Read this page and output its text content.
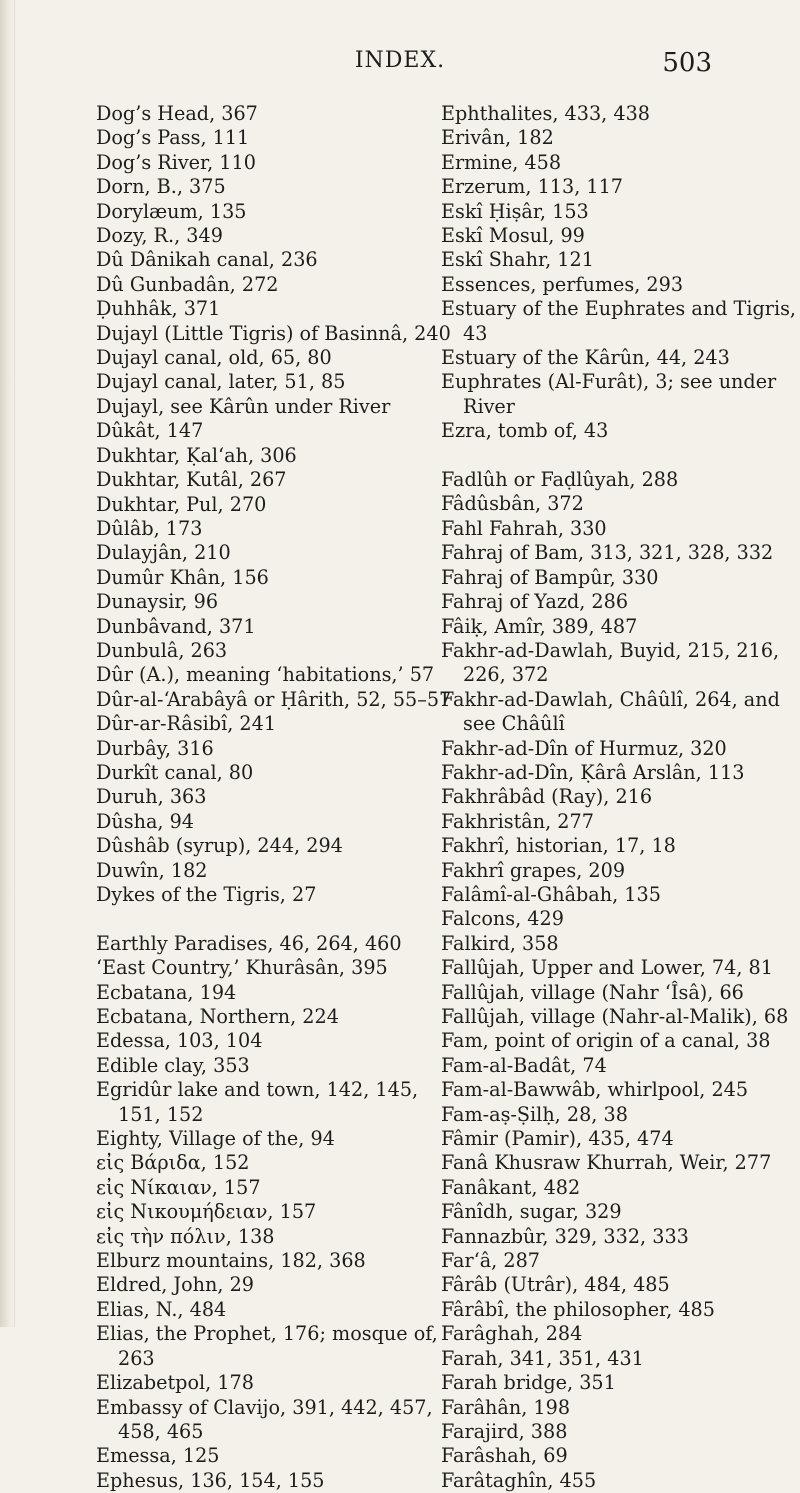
INDEX.	503
Dog’s Head, 367
Dog’s Pass, 111
Dog’s River, 110
Dorn, B., 375
Dorylæum, 135
Dozy, R., 349
Dû Dânikah canal, 236
Dû Gunbadân, 272
Ḍuhhâk, 371
Dujayl (Little Tigris) of Basinnâ, 240
Dujayl canal, old, 65, 80
Dujayl canal, later, 51, 85
Dujayl, see Kârûn under River
Dûkât, 147
Dukhtar, Ḳal‘ah, 306
Dukhtar, Kutâl, 267
Dukhtar, Pul, 270
Dûlâb, 173
Dulayjân, 210
Dumûr Khân, 156
Dunaysir, 96
Dunbâvand, 371
Dunbulâ, 263
Dûr (A.), meaning ‘habitations,’ 57
Dûr-al-‘Arabâyâ or Ḥârith, 52, 55–57
Dûr-ar-Râsibî, 241
Durbây, 316
Durkît canal, 80
Duruh, 363
Dûsha, 94
Dûshâb (syrup), 244, 294
Duwîn, 182
Dykes of the Tigris, 27
Earthly Paradises, 46, 264, 460
‘East Country,’ Khurâsân, 395
Ecbatana, 194
Ecbatana, Northern, 224
Edessa, 103, 104
Edible clay, 353
Egridûr lake and town, 142, 145, 151, 152
Eighty, Village of the, 94
εἰς Βάριδα, 152
εἰς Νίκαιαν, 157
εἰς Νικουμήδειαν, 157
εἰς τὴν πόλιν, 138
Elburz mountains, 182, 368
Eldred, John, 29
Elias, N., 484
Elias, the Prophet, 176; mosque of, 263
Elizabetpol, 178
Embassy of Clavijo, 391, 442, 457, 458, 465
Emessa, 125
Ephesus, 136, 154, 155
Ephthalites, 433, 438
Erivân, 182
Ermine, 458
Erzerum, 113, 117
Eskî Ḥiṣâr, 153
Eskî Mosul, 99
Eskî Shahr, 121
Essences, perfumes, 293
Estuary of the Euphrates and Tigris, 43
Estuary of the Kârûn, 44, 243
Euphrates (Al-Furât), 3; see under River
Ezra, tomb of, 43
Fadlûh or Faḍlûyah, 288
Fâdûsbân, 372
Fahl Fahrah, 330
Fahraj of Bam, 313, 321, 328, 332
Fahraj of Bampûr, 330
Fahraj of Yazd, 286
Fâiḳ, Amîr, 389, 487
Fakhr-ad-Dawlah, Buyid, 215, 216, 226, 372
Fakhr-ad-Dawlah, Châûlî, 264, and see Châûlî
Fakhr-ad-Dîn of Hurmuz, 320
Fakhr-ad-Dîn, Ḳârâ Arslân, 113
Fakhrâbâd (Ray), 216
Fakhristân, 277
Fakhrî, historian, 17, 18
Fakhrî grapes, 209
Falâmî-al-Ghâbah, 135
Falcons, 429
Falkird, 358
Fallûjah, Upper and Lower, 74, 81
Fallûjah, village (Nahr ‘Îsâ), 66
Fallûjah, village (Nahr-al-Malik), 68
Fam, point of origin of a canal, 38
Fam-al-Badât, 74
Fam-al-Bawwâb, whirlpool, 245
Fam-aṣ-Ṣilḥ, 28, 38
Fâmir (Pamir), 435, 474
Fanâ Khusraw Khurrah, Weir, 277
Fanâkant, 482
Fânîdh, sugar, 329
Fannazbûr, 329, 332, 333
Far‘â, 287
Fârâb (Utrâr), 484, 485
Fârâbî, the philosopher, 485
Farâghah, 284
Farah, 341, 351, 431
Farah bridge, 351
Farâhân, 198
Farajird, 388
Farâshah, 69
Farâtaghîn, 455
